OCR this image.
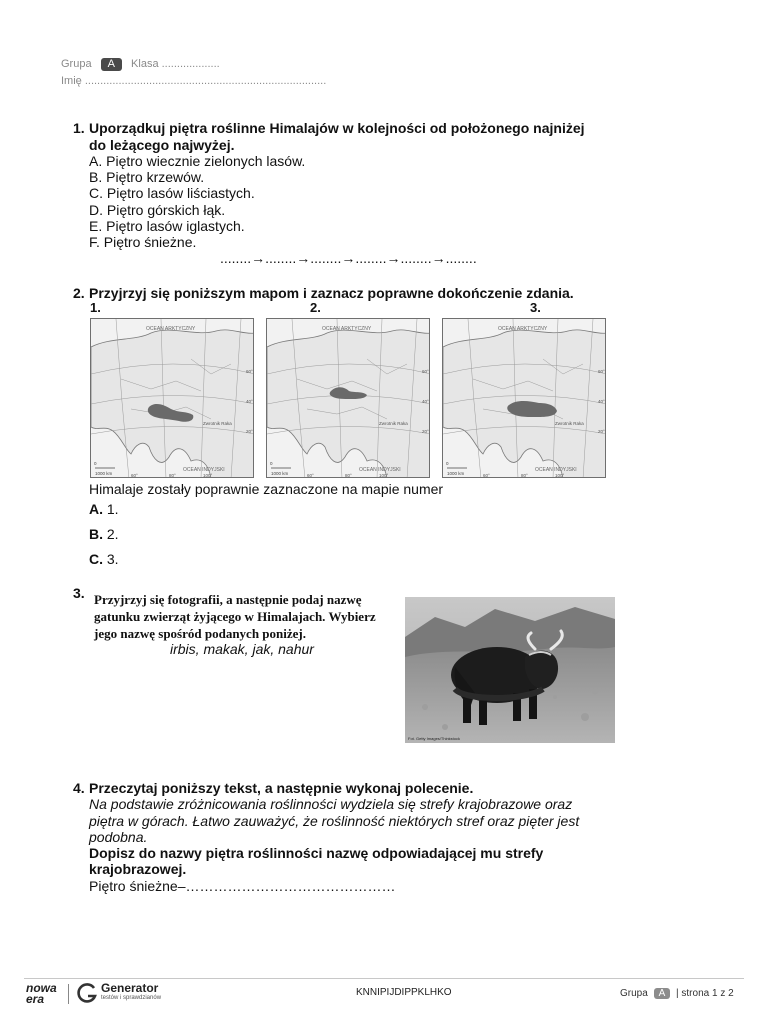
Grupa A Klasa ...................
Imię ...............................................................................
1. Uporządkuj piętra roślinne Himalajów w kolejności od położonego najniżej
do leżącego najwyżej.
A. Piętro wiecznie zielonych lasów.
B. Piętro krzewów.
C. Piętro lasów liściastych.
D. Piętro górskich łąk.
E. Piętro lasów iglastych.
F. Piętro śnieżne.
........→........→........→........→........→........
2. Przyjrzyj się poniższym mapom i zaznacz poprawne dokończenie zdania.
1.	2.	3.
OCEAN ARKTYCZNY
OCEAN INDYJSKI
Zwrotnik Raka
0
1000 km	60°	80°	100°
60°
40°
20°
OCEAN ARKTYCZNY
OCEAN INDYJSKI
Zwrotnik Raka
0
1000 km	60°	80°	100°
60°
40°
20°
OCEAN ARKTYCZNY
OCEAN INDYJSKI
Zwrotnik Raka
0
1000 km	60°	80°	100°
60°
40°
20°
Himalaje zostały poprawnie zaznaczone na mapie numer
A. 1.
B. 2.
C. 3.
3. Przyjrzyj się fotografii, a następnie podaj nazwę
gatunku zwierząt żyjącego w Himalajach. Wybierz
jego nazwę spośród podanych poniżej.
irbis, makak, jak, nahur
Fot. Getty Images/Thinkstock
4. Przeczytaj poniższy tekst, a następnie wykonaj polecenie.
Na podstawie zróżnicowania roślinności wydziela się strefy krajobrazowe oraz
piętra w górach. Łatwo zauważyć, że roślinność niektórych stref oraz pięter jest
podobna.
Dopisz do nazwy piętra roślinności nazwę odpowiadającej mu strefy
krajobrazowej.
Piętro śnieżne–………………………………………
nowa
era
Generator
testów i sprawdzianów	KNNIPIJDIPPKLHKO	Grupa A | strona 1 z 2
